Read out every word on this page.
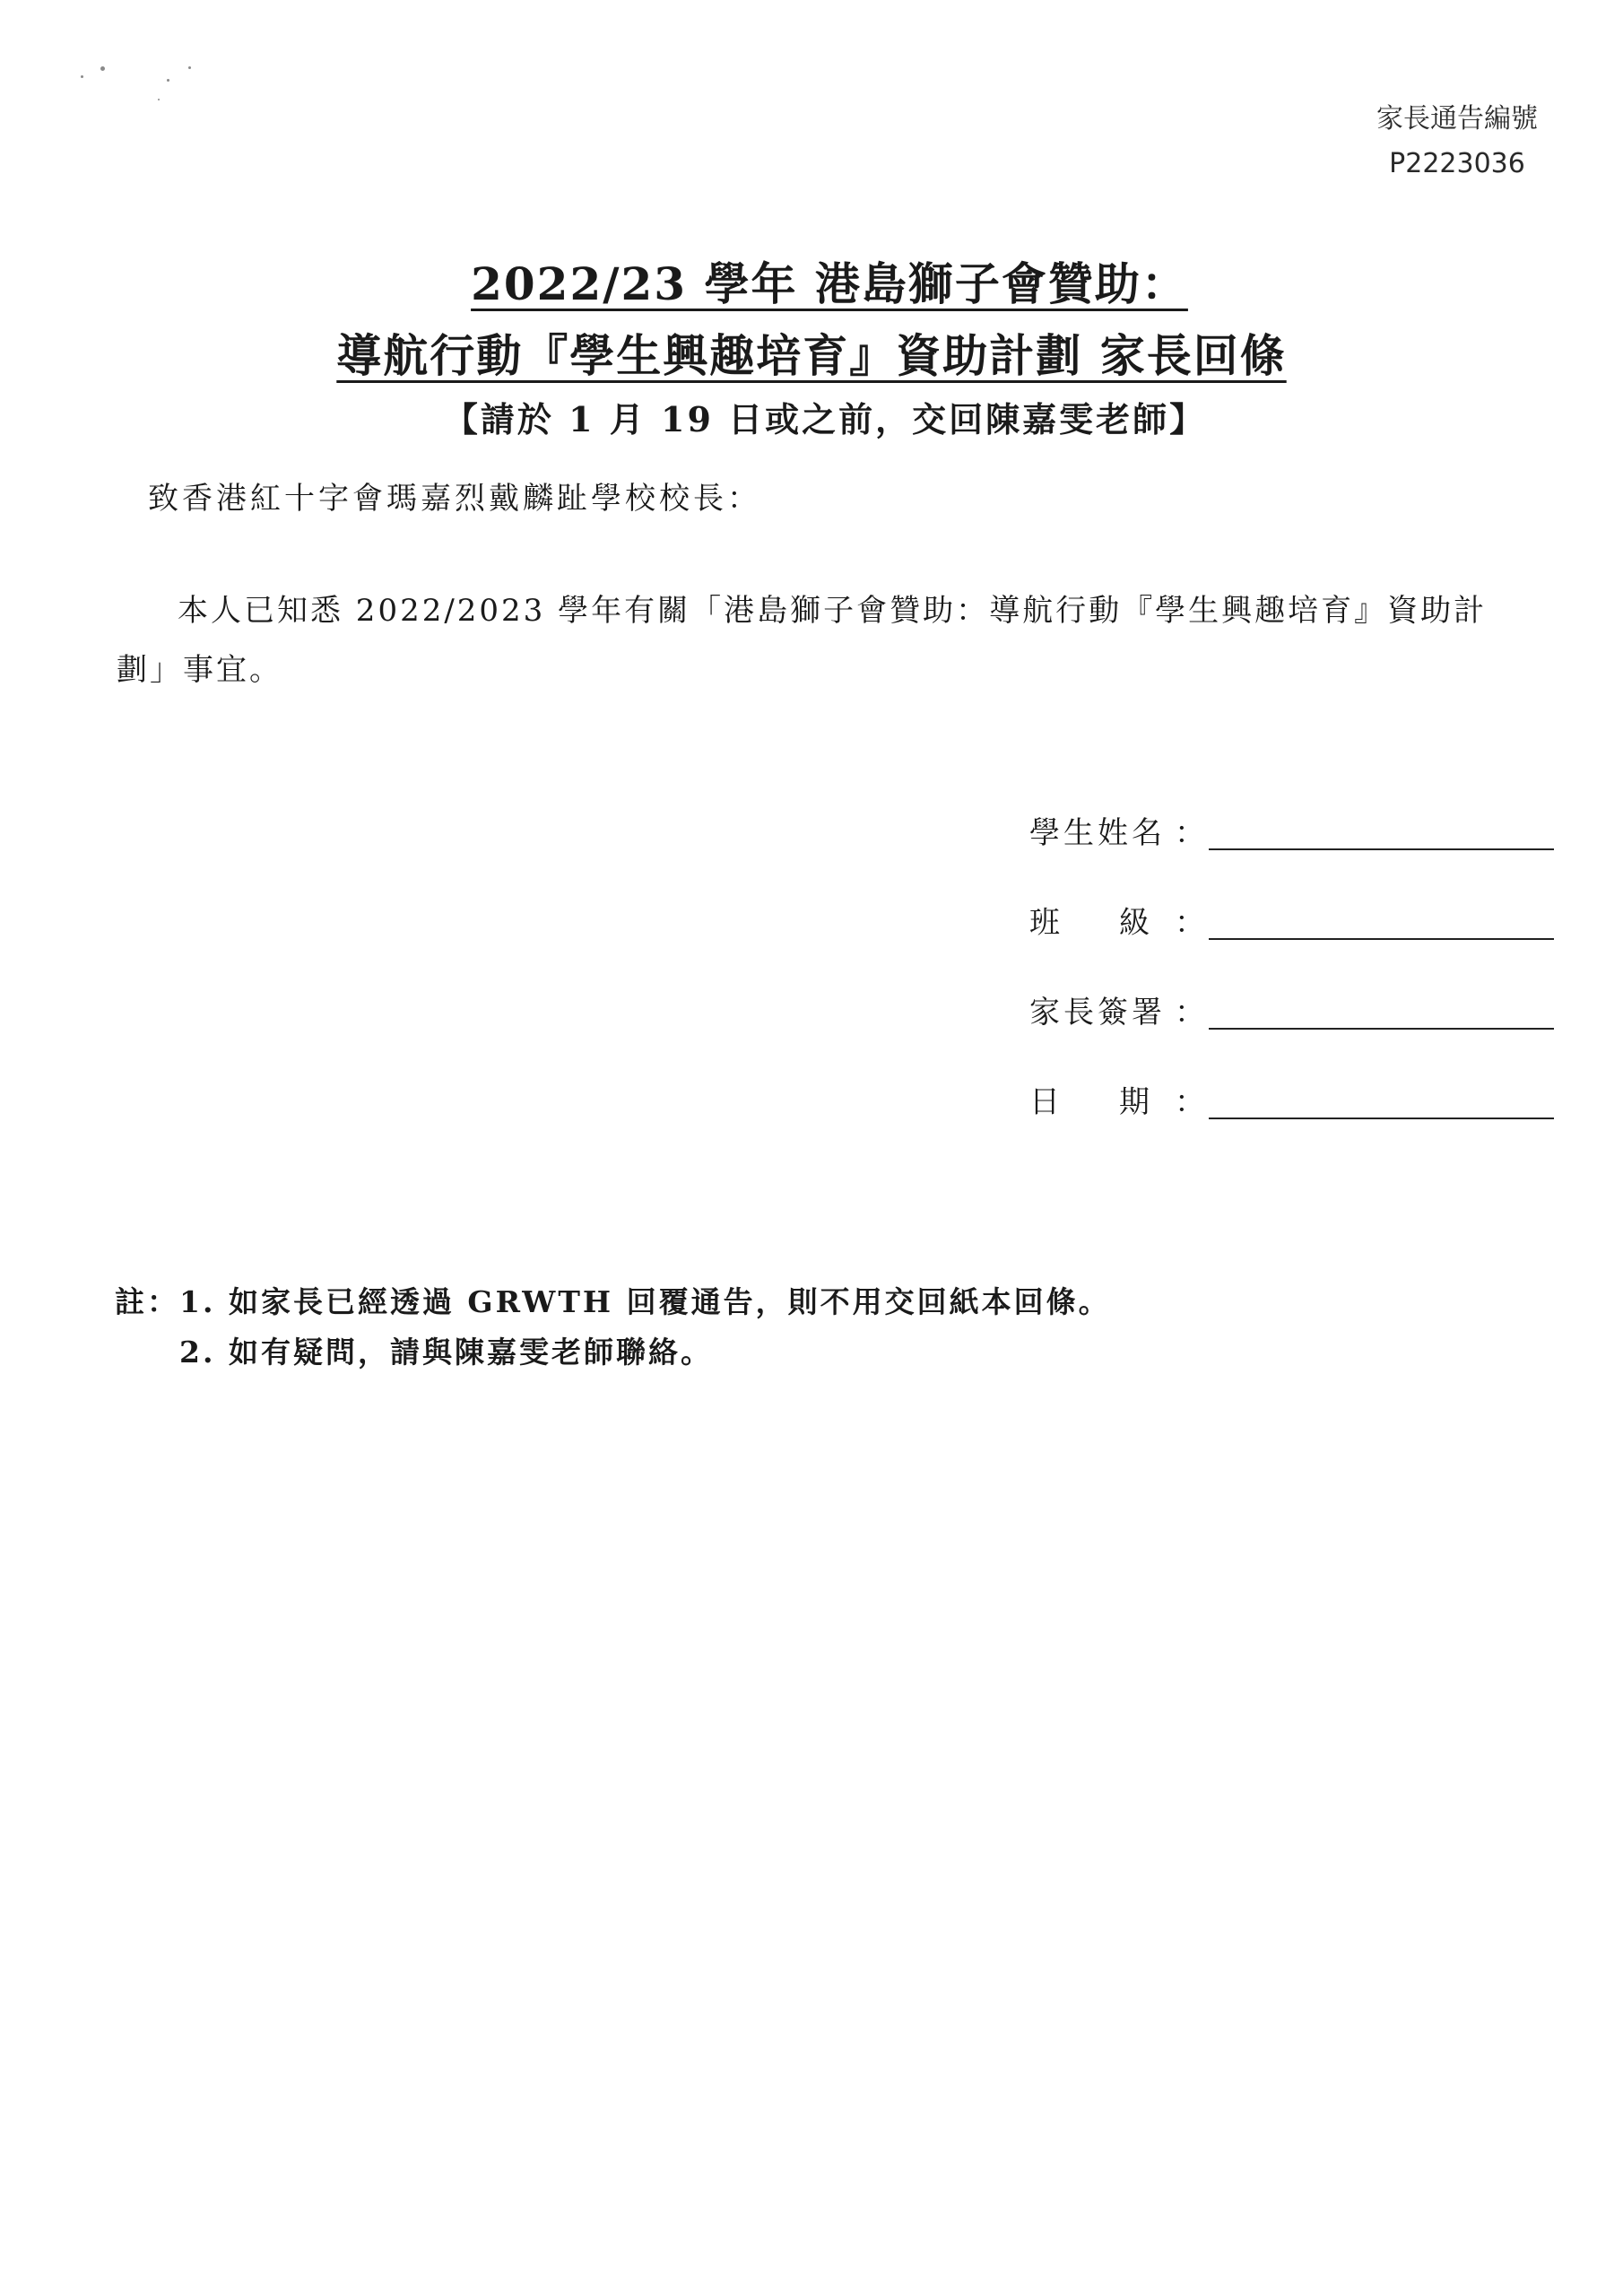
家長通告編號
P2223036
2022/23 學年 港島獅子會贊助：
導航行動『學生興趣培育』資助計劃 家長回條
【請於 1 月 19 日或之前，交回陳嘉雯老師】
致香港紅十字會瑪嘉烈戴麟趾學校校長：
本人已知悉 2022/2023 學年有關「港島獅子會贊助：導航行動『學生興趣培育』資助計劃」事宜。
學生姓名 ：
班 級 ：
家長簽署 ：
日 期 ：
註：1. 如家長已經透過 GRWTH 回覆通告，則不用交回紙本回條。
2. 如有疑問，請與陳嘉雯老師聯絡。
